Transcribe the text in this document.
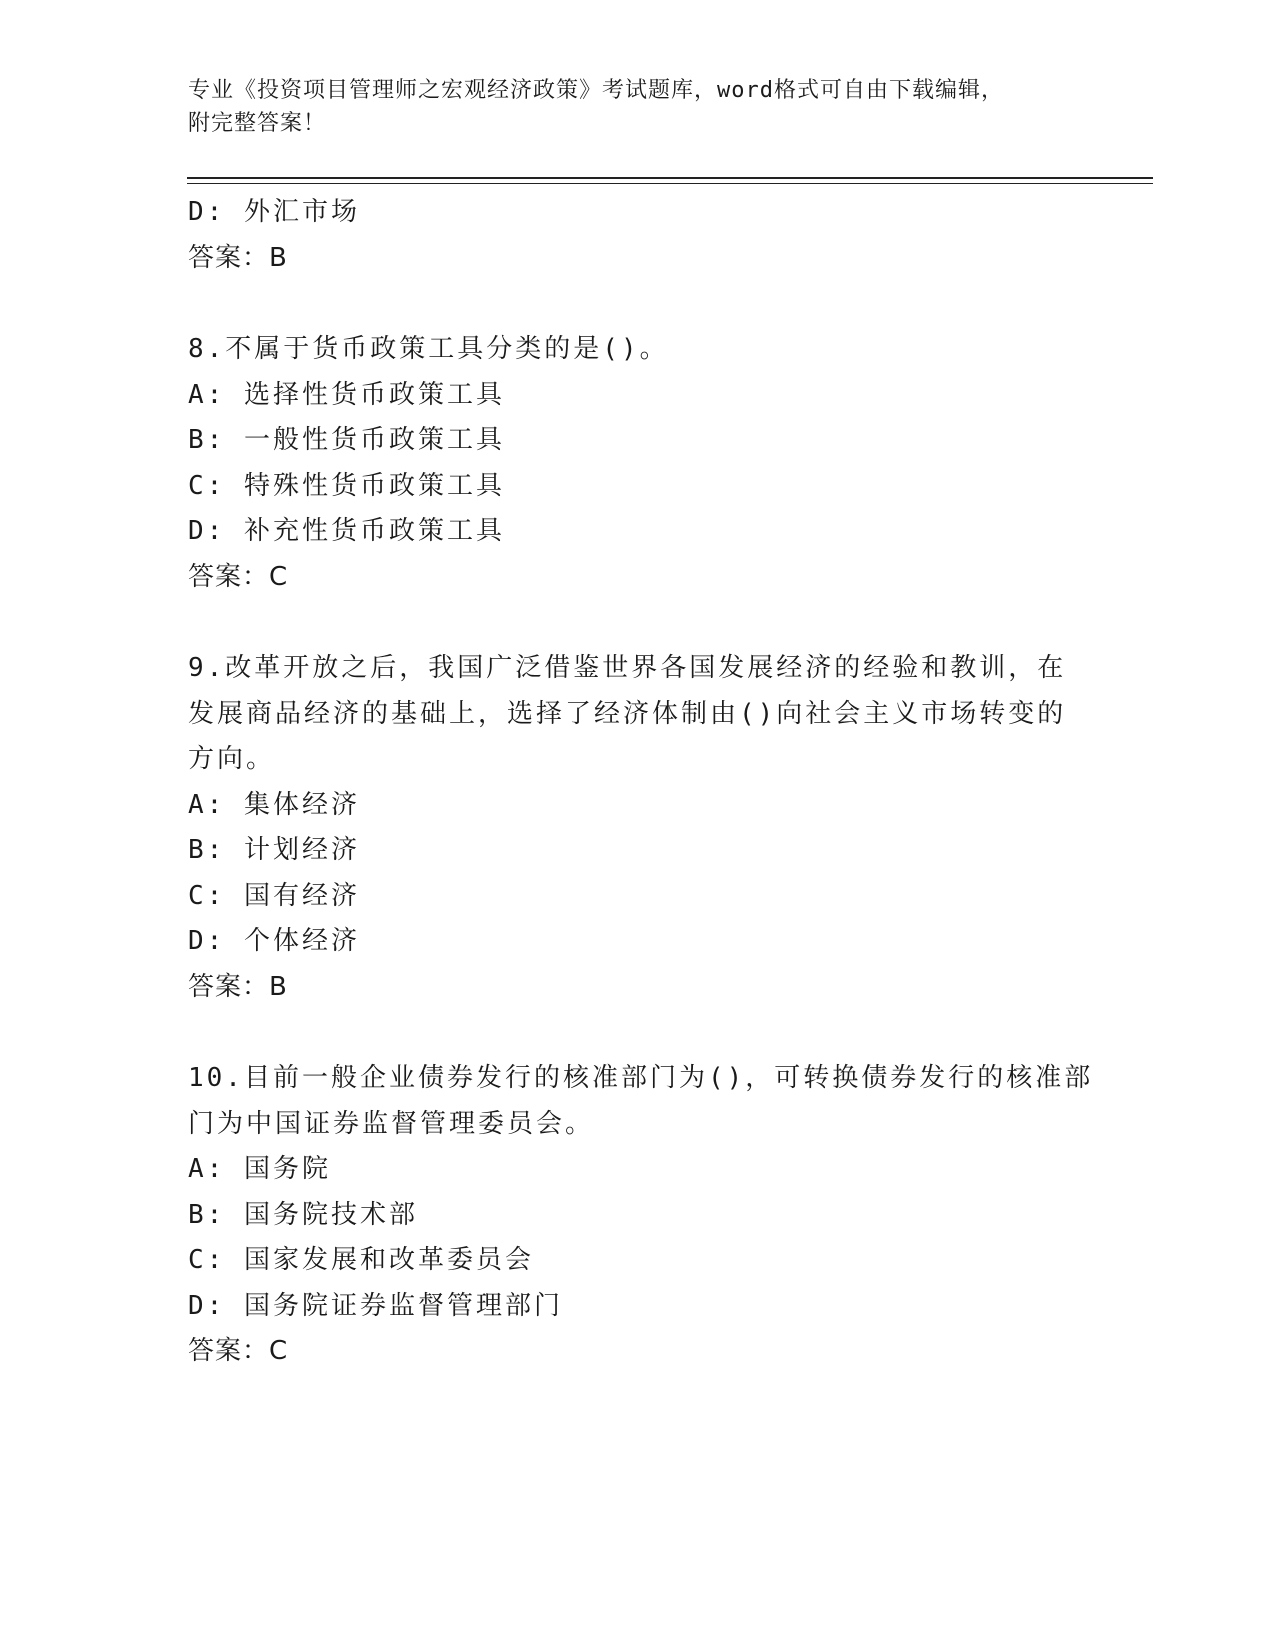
专业《投资项目管理师之宏观经济政策》考试题库，word格式可自由下载编辑，
附完整答案！
D: 外汇市场
答案：B
8.不属于货币政策工具分类的是()。
A: 选择性货币政策工具
B: 一般性货币政策工具
C: 特殊性货币政策工具
D: 补充性货币政策工具
答案：C
9.改革开放之后，我国广泛借鉴世界各国发展经济的经验和教训，在
发展商品经济的基础上，选择了经济体制由()向社会主义市场转变的
方向。
A: 集体经济
B: 计划经济
C: 国有经济
D: 个体经济
答案：B
10.目前一般企业债券发行的核准部门为()，可转换债券发行的核准部
门为中国证券监督管理委员会。
A: 国务院
B: 国务院技术部
C: 国家发展和改革委员会
D: 国务院证券监督管理部门
答案：C
